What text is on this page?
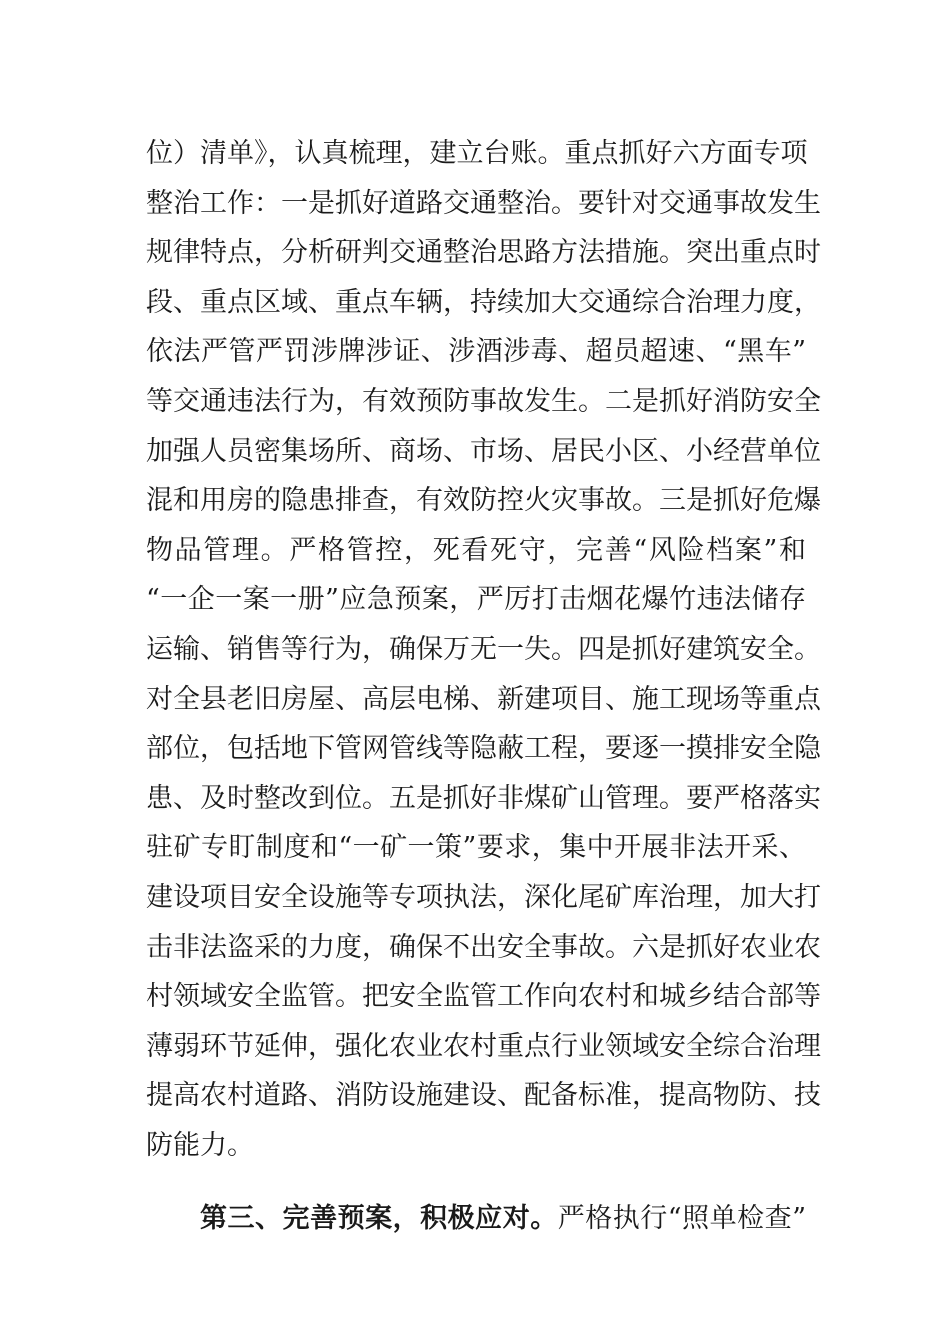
位）清单》，认真梳理，建立台账。重点抓好六方面专项
整治工作：一是抓好道路交通整治。要针对交通事故发生
规律特点，分析研判交通整治思路方法措施。突出重点时
段、重点区域、重点车辆，持续加大交通综合治理力度，
依法严管严罚涉牌涉证、涉酒涉毒、超员超速、“黑车”
等交通违法行为，有效预防事故发生。二是抓好消防安全
加强人员密集场所、商场、市场、居民小区、小经营单位
混和用房的隐患排查，有效防控火灾事故。三是抓好危爆
物品管理。严格管控，死看死守，完善“风险档案”和
“一企一案一册”应急预案，严厉打击烟花爆竹违法储存
运输、销售等行为，确保万无一失。四是抓好建筑安全。
对全县老旧房屋、高层电梯、新建项目、施工现场等重点
部位，包括地下管网管线等隐蔽工程，要逐一摸排安全隐
患、及时整改到位。五是抓好非煤矿山管理。要严格落实
驻矿专盯制度和“一矿一策”要求，集中开展非法开采、
建设项目安全设施等专项执法，深化尾矿库治理，加大打
击非法盗采的力度，确保不出安全事故。六是抓好农业农
村领域安全监管。把安全监管工作向农村和城乡结合部等
薄弱环节延伸，强化农业农村重点行业领域安全综合治理
提高农村道路、消防设施建设、配备标准，提高物防、技
防能力。
第三、完善预案，积极应对。严格执行“照单检查”
